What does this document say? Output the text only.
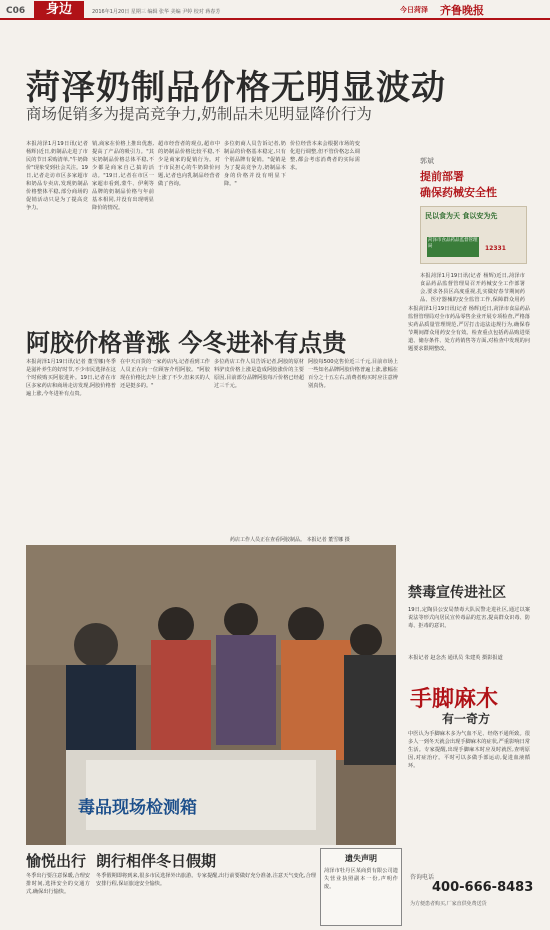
C06	身边	2016年1月20日 星期三 编辑 张华 美编 尹婷 校对 蒋春芳	今日菏泽 齐鲁晚报
菏泽奶制品价格无明显波动
商场促销多为提高竞争力,奶制品未见明显降价行为
本报菏泽1月19日讯(记者 杨辉)近日,奶制品走进了市民的节日采购清单,"牛奶降价"现象受到社会关注。19日,记者走访市区多家超市和奶品专卖店,发现奶制品价格整体平稳,部分商场的促销活动只是为了提高竞争力。
销,商家在价格上推出优惠,提高了产品的吸引力。"其实奶制品价格总体平稳,不少都是商家自己搞的活动。"19日,记者在市区一家超市看到,蒙牛、伊利等品牌的奶制品价格与年前基本相同,并没有出现明显降价的情况。
超市经营者的观点,超市中的奶制品价格比较平稳,不少是商家的促销行为。对于市民担心的牛奶降价问题,记者也向乳制品经营者做了咨询。
多位奶商人员告诉记者,奶制品的价格基本稳定,只有个别品牌有促销。"促销是为了提高竞争力,奶制品本身的价格并没有明显下降。"
价位经营本来会根据市场的变化进行调整,但不管价格怎么调整,都会考虑消费者的实际需求。
郭斌
提前部署
确保药械安全性
民以食为天 食以安为先
菏泽市食品药品监督管理局	12331
本报菏泽1月19日讯(记者 杨辉)近日,菏泽市食品药品监督管理局召开药械安全工作部署会,要求各县区高度重视,扎实做好春节期间药品、医疗器械的安全监管工作,保障群众用药
阿胶价格普涨 今冬进补有点贵
本报菏泽1月19日讯(记者 董雪娜)冬季是滋补养生的好时节,不少市民选择在这个时候购买阿胶进补。19日,记者在市区多家药店和商场走访发现,阿胶价格普遍上涨,今冬进补有点贵。
在中天百货的一家药店内,记者看到工作人员正在向一位顾客介绍阿胶。"阿胶现在价格比去年上涨了不少,但来买的人还是挺多的。"
多位药店工作人员告诉记者,阿胶的原材料驴皮价格上涨是造成阿胶涨价的主要原因,目前部分品牌阿胶每斤价格已经超过三千元。
阿胶每500克售价近三千元,目前市场上一些知名品牌阿胶价格普遍上涨,涨幅在百分之十五左右,消费者购买时应注意辨别真伪。
本报菏泽1月19日讯(记者 杨辉)近日,菏泽市食品药品监督管理局对全市药品零售企业开展专项检查,严格落实药品质量管理规范,严厉打击违法违规行为,确保春节期间群众用药安全有效。检查重点包括药品购进渠道、储存条件、处方药销售等方面,对检查中发现的问题要求限期整改。
毒品现场检测箱
药店工作人员正在查看阿胶制品。 本报记者 董雪娜 摄
禁毒宣传进社区
19日,定陶县公安局禁毒大队民警走进社区,通过以案说法等形式向居民宣传毒品的危害,提高群众识毒、防毒、拒毒的意识。
本报记者 赵念杰 通讯员 朱建英 摄影报道
手脚麻木
有一奇方
中医认为手脚麻木多为气血不足、经络不通所致。很多人一到冬天就会出现手脚麻木的症状,严重影响日常生活。专家提醒,出现手脚麻木时应及时就医,查明原因,对症治疗。平时可以多做手部运动,促进血液循环。
咨询电话
400-666-8483
为方便患者购买,厂家直供免费送货
愉悦出行
冬季出行要注意保暖,合理安排时间,选择安全的交通方式,确保出行愉快。
朗行相伴冬日假期
冬季假期即将到来,很多市民选择外出旅游。专家提醒,出行前要做好充分准备,注意天气变化,合理安排行程,保证旅途安全愉快。
遗失声明
菏泽市牡丹区某商贸有限公司遗失营业执照副本一份,声明作废。
